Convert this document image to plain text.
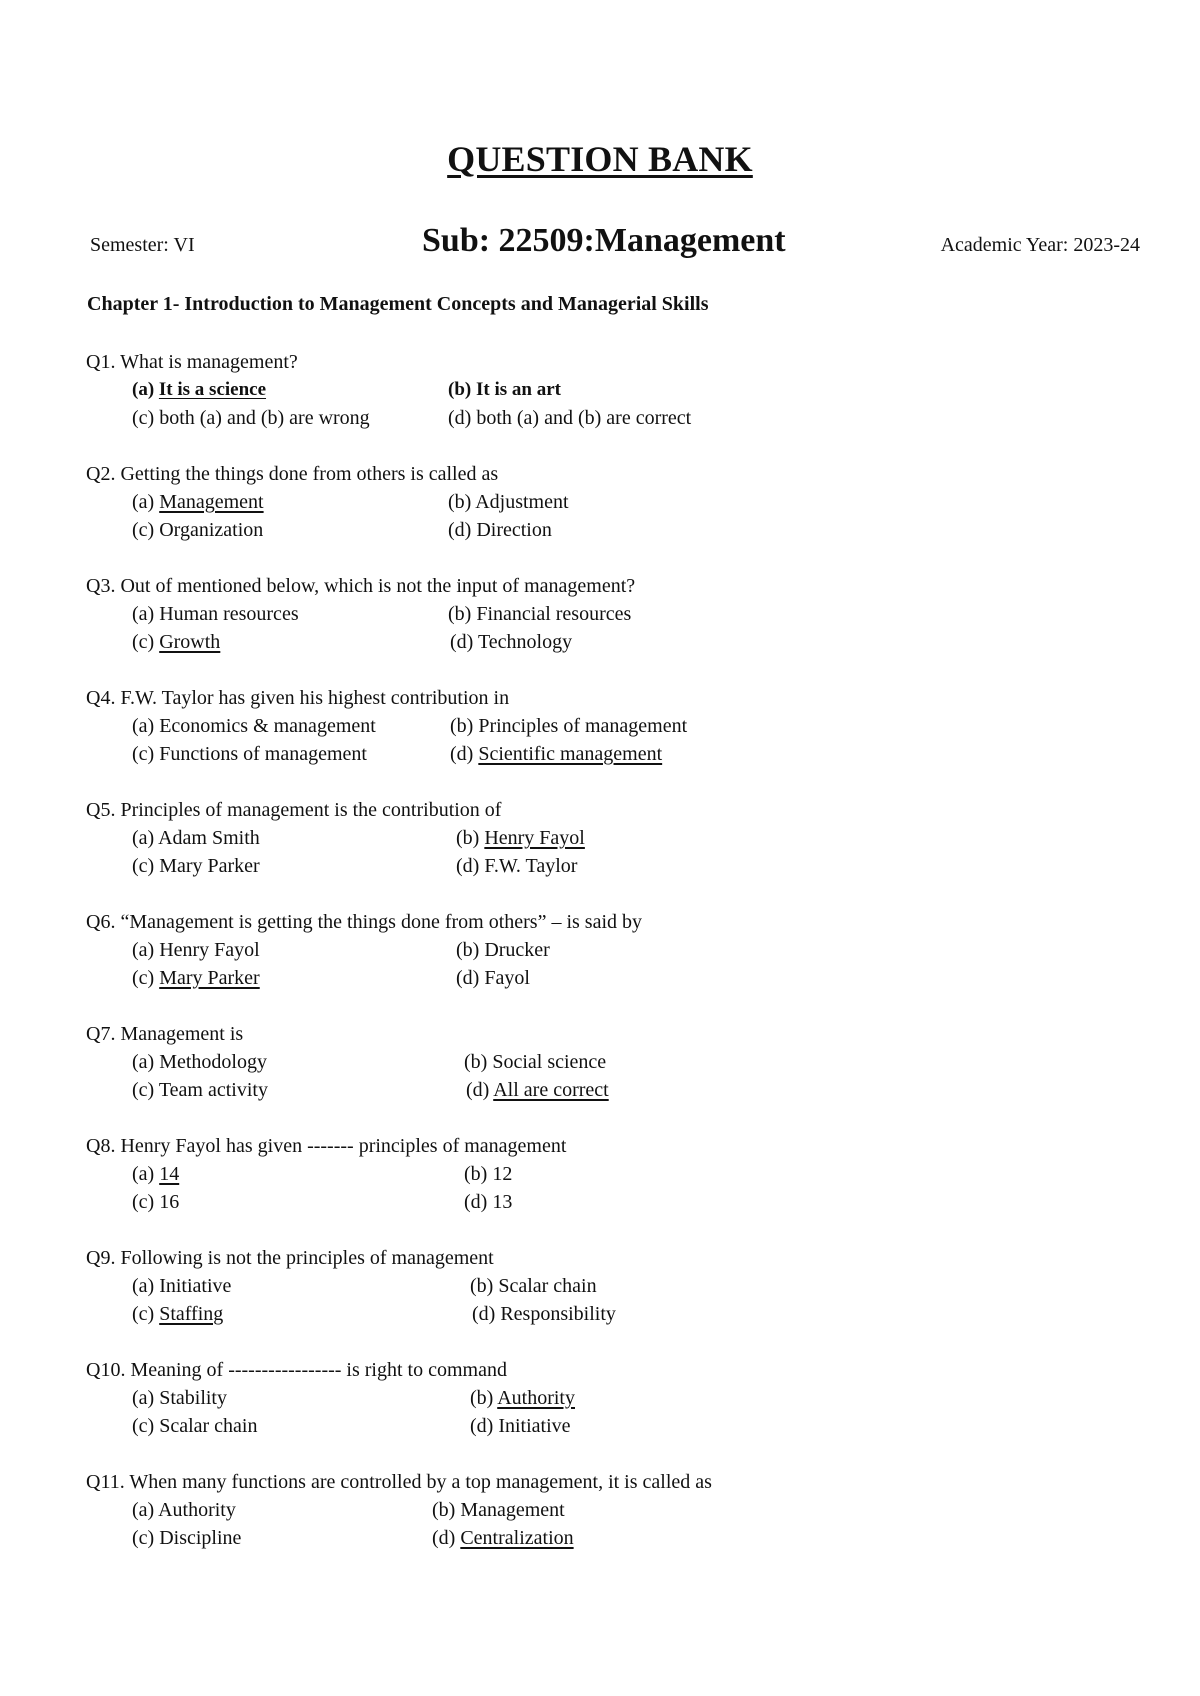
QUESTION BANK
Semester: VI	Sub: 22509:Management	Academic Year: 2023-24
Chapter 1- Introduction to Management Concepts and Managerial Skills
Q1. What is management?
(a) It is a science	(b) It is an art
(c) both (a) and (b) are wrong	(d) both (a) and (b) are correct
Q2. Getting the things done from others is called as
(a) Management	(b) Adjustment
(c) Organization	(d) Direction
Q3. Out of mentioned below, which is not the input of management?
(a) Human resources	(b) Financial resources
(c) Growth	(d) Technology
Q4. F.W. Taylor has given his highest contribution in
(a) Economics & management	(b) Principles of management
(c) Functions of management	(d) Scientific management
Q5. Principles of management is the contribution of
(a) Adam Smith	(b) Henry Fayol
(c) Mary Parker	(d) F.W. Taylor
Q6. “Management is getting the things done from others” – is said by
(a) Henry Fayol	(b) Drucker
(c) Mary Parker	(d) Fayol
Q7. Management is
(a) Methodology	(b) Social science
(c) Team activity	(d) All are correct
Q8. Henry Fayol has given ------- principles of management
(a) 14	(b) 12
(c) 16	(d) 13
Q9. Following is not the principles of management
(a) Initiative	(b) Scalar chain
(c) Staffing	(d) Responsibility
Q10. Meaning of ----------------- is right to command
(a) Stability	(b) Authority
(c) Scalar chain	(d) Initiative
Q11. When many functions are controlled by a top management, it is called as
(a) Authority	(b) Management
(c) Discipline	(d) Centralization
